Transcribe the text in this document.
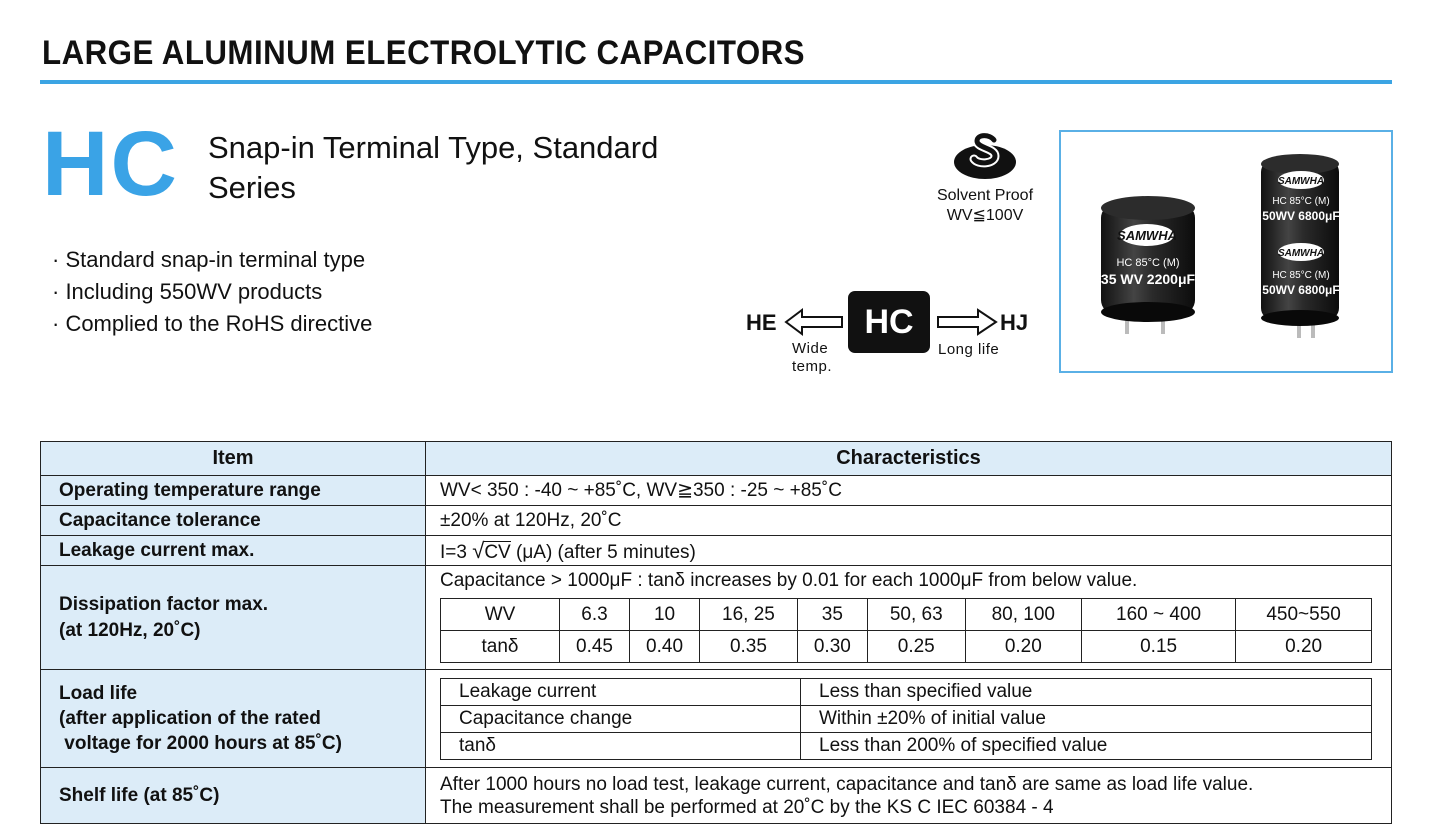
LARGE ALUMINUM ELECTROLYTIC CAPACITORS
HC Snap-in Terminal Type, Standard Series
· Standard snap-in terminal type
· Including 550WV products
· Complied to the RoHS directive
Solvent Proof
WV≦100V
HE	HC	HJ
Wide
temp.
Long life
SAMWHA
HC 85°C (M)
35 WV 2200μF
SAMWHA
HC 85°C (M)
50WV 6800μF
SAMWHA
HC 85°C (M)
50WV 6800μF
Item	Characteristics
Operating temperature range	WV< 350 : -40 ~ +85˚C, WV≧350 : -25 ~ +85˚C
Capacitance tolerance	±20% at 120Hz, 20˚C
Leakage current max.	I=3 √CV (μA) (after 5 minutes)

Dissipation factor max.
(at 120Hz, 20˚C)

Capacitance > 1000μF : tanδ increases by 0.01 for each 1000μF from below value.
WV	6.3	10	16, 25	35	50, 63	80, 100	160 ~ 400	450~550
tanδ	0.45	0.40	0.35	0.30	0.25	0.20	0.15	0.20

Load life
(after application of the rated
voltage for 2000 hours at 85˚C)

Leakage current	Less than specified value
Capacitance change	Within ±20% of initial value
tanδ	Less than 200% of specified value

Shelf life (at 85˚C)	
After 1000 hours no load test, leakage current, capacitance and tanδ are same as load life value.
The measurement shall be performed at 20˚C by the KS C IEC 60384 - 4
